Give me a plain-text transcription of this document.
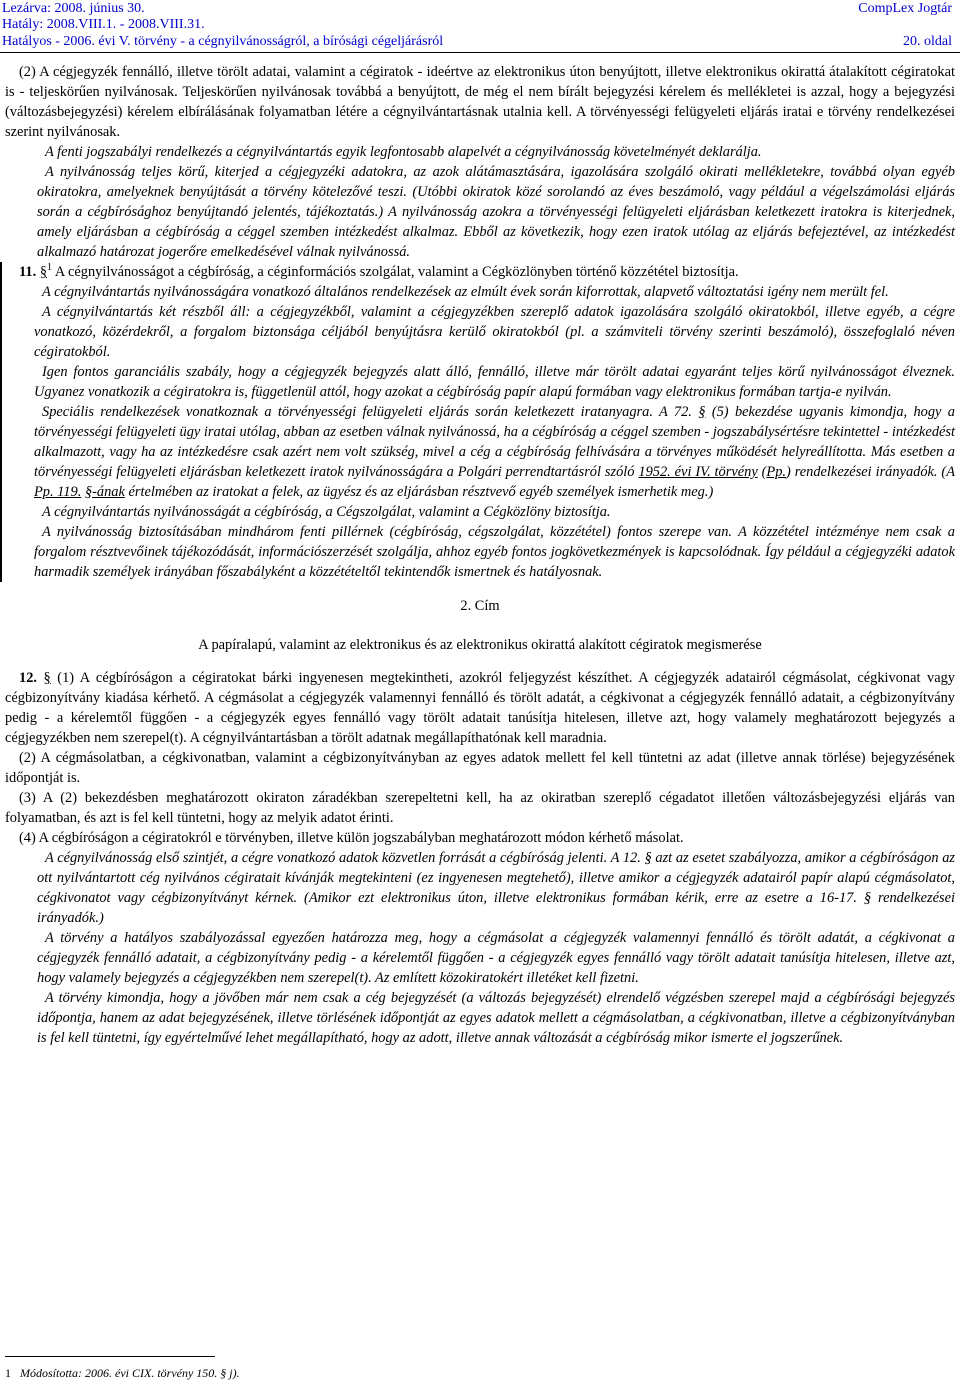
Lezárva: 2008. június 30.	CompLex Jogtár
Hatály: 2008.VIII.1. - 2008.VIII.31.
Hatályos - 2006. évi V. törvény - a cégnyilvánosságról, a bírósági cégeljárásról	20. oldal

(2) A cégjegyzék fennálló, illetve törölt adatai, valamint a cégiratok - ideértve az elektronikus úton benyújtott, illetve elektronikus okirattá átalakított cégiratokat is - teljeskörűen nyilvánosak. Teljeskörűen nyilvánosak továbbá a benyújtott, de még el nem bírált bejegyzési kérelem és mellékletei is azzal, hogy a bejegyzési (változásbejegyzési) kérelem elbírálásának folyamatban létére a cégnyilvántartásnak utalnia kell. A törvényességi felügyeleti eljárás iratai e törvény rendelkezései szerint nyilvánosak.

A fenti jogszabályi rendelkezés a cégnyilvántartás egyik legfontosabb alapelvét a cégnyilvánosság követelményét deklarálja.

A nyilvánosság teljes körű, kiterjed a cégjegyzéki adatokra, az azok alátámasztására, igazolására szolgáló okirati mellékletekre, továbbá olyan egyéb okiratokra, amelyeknek benyújtását a törvény kötelezővé teszi. (Utóbbi okiratok közé sorolandó az éves beszámoló, vagy például a végelszámolási eljárás során a cégbírósághoz benyújtandó jelentés, tájékoztatás.) A nyilvánosság azokra a törvényességi felügyeleti eljárásban keletkezett iratokra is kiterjednek, amely eljárásban a cégbíróság a céggel szemben intézkedést alkalmaz. Ebből az következik, hogy ezen iratok utólag az eljárás befejeztével, az intézkedést alkalmazó határozat jogerőre emelkedésével válnak nyilvánossá.

11. §$^1$ A cégnyilvánosságot a cégbíróság, a céginformációs szolgálat, valamint a Cégközlönyben történő közzététel biztosítja.

A cégnyilvántartás nyilvánosságára vonatkozó általános rendelkezések az elmúlt évek során kiforrottak, alapvető változtatási igény nem merült fel.

A cégnyilvántartás két részből áll: a cégjegyzékből, valamint a cégjegyzékben szereplő adatok igazolására szolgáló okiratokból, illetve egyéb, a cégre vonatkozó, közérdekről, a forgalom biztonsága céljából benyújtásra kerülő okiratokból (pl. a számviteli törvény szerinti beszámoló), összefoglaló néven cégiratokból.

Igen fontos garanciális szabály, hogy a cégjegyzék bejegyzés alatt álló, fennálló, illetve már törölt adatai egyaránt teljes körű nyilvánosságot élveznek. Ugyanez vonatkozik a cégiratokra is, függetlenül attól, hogy azokat a cégbíróság papír alapú formában vagy elektronikus formában tartja-e nyilván.

Speciális rendelkezések vonatkoznak a törvényességi felügyeleti eljárás során keletkezett iratanyagra. A 72. § (5) bekezdése ugyanis kimondja, hogy a törvényességi felügyeleti ügy iratai utólag, abban az esetben válnak nyilvánossá, ha a cégbíróság a céggel szemben - jogszabálysértésre tekintettel - intézkedést alkalmazott, vagy ha az intézkedésre csak azért nem volt szükség, mivel a cég a cégbíróság felhívására a törvényes működését helyreállította. Más esetben a törvényességi felügyeleti eljárásban keletkezett iratok nyilvánosságára a Polgári perrendtartásról szóló 1952. évi IV. törvény (Pp.) rendelkezései irányadók. (A Pp. 119. §-ának értelmében az iratokat a felek, az ügyész és az eljárásban résztvevő egyéb személyek ismerhetik meg.)

A cégnyilvántartás nyilvánosságát a cégbíróság, a Cégszolgálat, valamint a Cégközlöny biztosítja.

A nyilvánosság biztosításában mindhárom fenti pillérnek (cégbíróság, cégszolgálat, közzététel) fontos szerepe van. A közzététel intézménye nem csak a forgalom résztvevőinek tájékozódását, információszerzését szolgálja, ahhoz egyéb fontos jogkövetkezmények is kapcsolódnak. Így például a cégjegyzéki adatok harmadik személyek irányában főszabályként a közzétételtől tekintendők ismertnek és hatályosnak.

2. Cím

A papíralapú, valamint az elektronikus és az elektronikus okirattá alakított cégiratok megismerése

12. § (1) A cégbíróságon a cégiratokat bárki ingyenesen megtekintheti, azokról feljegyzést készíthet. A cégjegyzék adatairól cégmásolat, cégkivonat vagy cégbizonyítvány kiadása kérhető. A cégmásolat a cégjegyzék valamennyi fennálló és törölt adatát, a cégkivonat a cégjegyzék fennálló adatait, a cégbizonyítvány pedig - a kérelemtől függően - a cégjegyzék egyes fennálló vagy törölt adatait tanúsítja hitelesen, illetve azt, hogy valamely meghatározott bejegyzés a cégjegyzékben nem szerepel(t). A cégnyilvántartásban a törölt adatnak megállapíthatónak kell maradnia.

(2) A cégmásolatban, a cégkivonatban, valamint a cégbizonyítványban az egyes adatok mellett fel kell tüntetni az adat (illetve annak törlése) bejegyzésének időpontját is.

(3) A (2) bekezdésben meghatározott okiraton záradékban szerepeltetni kell, ha az okiratban szereplő cégadatot illetően változásbejegyzési eljárás van folyamatban, és azt is fel kell tüntetni, hogy az melyik adatot érinti.

(4) A cégbíróságon a cégiratokról e törvényben, illetve külön jogszabályban meghatározott módon kérhető másolat.

A cégnyilvánosság első szintjét, a cégre vonatkozó adatok közvetlen forrását a cégbíróság jelenti. A 12. § azt az esetet szabályozza, amikor a cégbíróságon az ott nyilvántartott cég nyilvános cégiratait kívánják megtekinteni (ez ingyenesen megtehető), illetve amikor a cégjegyzék adatairól papír alapú cégmásolatot, cégkivonatot vagy cégbizonyítványt kérnek. (Amikor ezt elektronikus úton, illetve elektronikus formában kérik, erre az esetre a 16-17. § rendelkezései irányadók.)

A törvény a hatályos szabályozással egyezően határozza meg, hogy a cégmásolat a cégjegyzék valamennyi fennálló és törölt adatát, a cégkivonat a cégjegyzék fennálló adatait, a cégbizonyítvány pedig - a kérelemtől függően - a cégjegyzék egyes fennálló vagy törölt adatait tanúsítja hitelesen, illetve azt, hogy valamely bejegyzés a cégjegyzékben nem szerepel(t). Az említett közokiratokért illetéket kell fizetni.

A törvény kimondja, hogy a jövőben már nem csak a cég bejegyzését (a változás bejegyzését) elrendelő végzésben szerepel majd a cégbírósági bejegyzés időpontja, hanem az adat bejegyzésének, illetve törlésének időpontját az egyes adatok mellett a cégmásolatban, a cégkivonatban, illetve a cégbizonyítványban is fel kell tüntetni, így egyértelművé lehet megállapítható, hogy az adott, illetve annak változását a cégbíróság mikor ismerte el jogszerűnek.

1 Módosította: 2006. évi CIX. törvény 150. § j).
